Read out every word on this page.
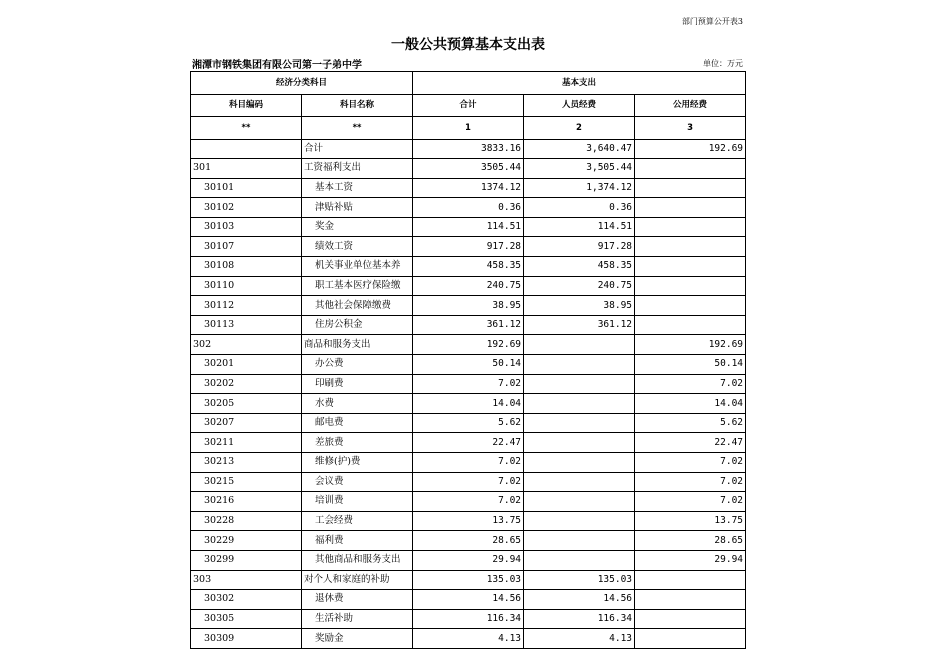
部门预算公开表3
一般公共预算基本支出表
湘潭市钢铁集团有限公司第一子弟中学	单位：万元
经济分类科目		基本支出		
科目编码	科目名称	合计	人员经费	公用经费
**	**	1	2	3
	合计	3833.16	3,640.47	192.69
301	工资福利支出	3505.44	3,505.44	
30101	基本工资	1374.12	1,374.12	
30102	津贴补贴	0.36	0.36	
30103	奖金	114.51	114.51	
30107	绩效工资	917.28	917.28	
30108	机关事业单位基本养	458.35	458.35	
30110	职工基本医疗保险缴	240.75	240.75	
30112	其他社会保障缴费	38.95	38.95	
30113	住房公积金	361.12	361.12	
302	商品和服务支出	192.69		192.69
30201	办公费	50.14		50.14
30202	印刷费	7.02		7.02
30205	水费	14.04		14.04
30207	邮电费	5.62		5.62
30211	差旅费	22.47		22.47
30213	维修(护)费	7.02		7.02
30215	会议费	7.02		7.02
30216	培训费	7.02		7.02
30228	工会经费	13.75		13.75
30229	福利费	28.65		28.65
30299	其他商品和服务支出	29.94		29.94
303	对个人和家庭的补助	135.03	135.03	
30302	退休费	14.56	14.56	
30305	生活补助	116.34	116.34	
30309	奖励金	4.13	4.13	
